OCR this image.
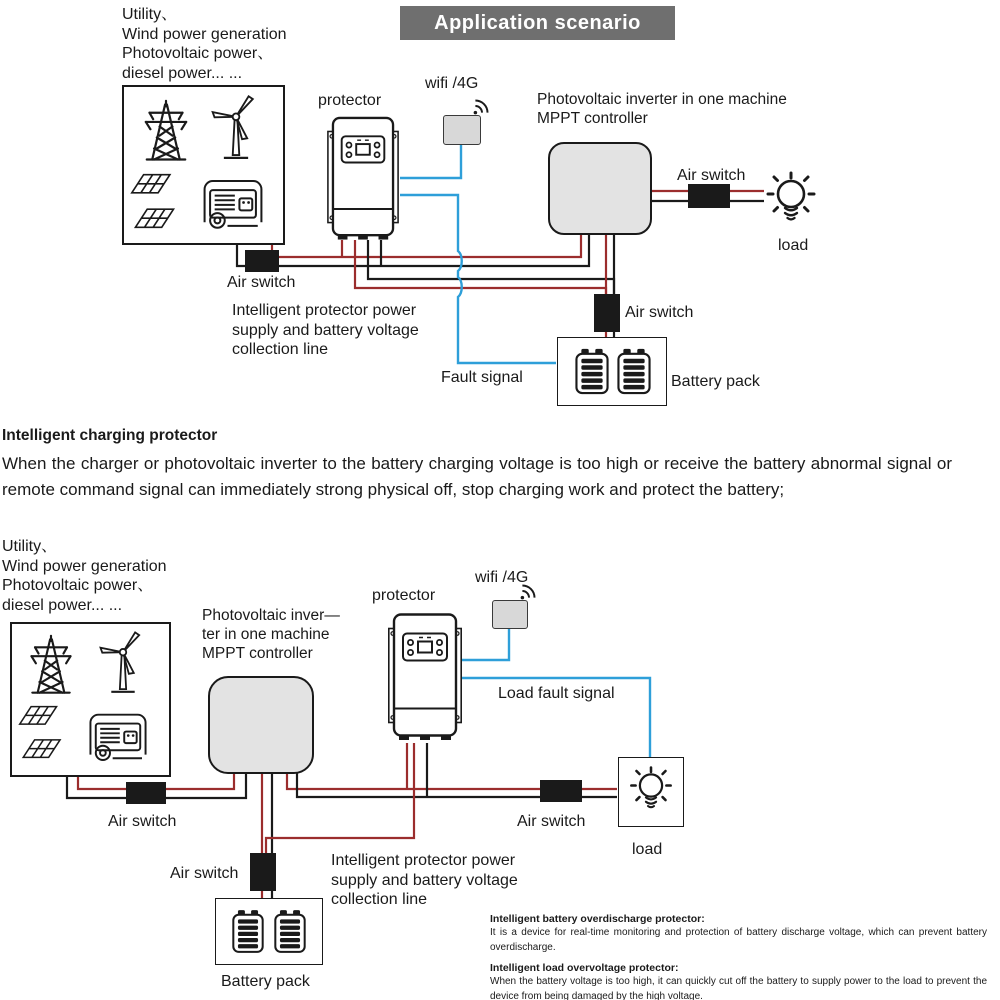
Application scenario
Utility、
Wind power generation
Photovoltaic power、
diesel power... ...
protector
wifi /4G
Photovoltaic inverter in one machine
MPPT controller
Air switch
load
Air switch
Intelligent protector power
supply and battery voltage
collection line
Fault signal
Air switch
Battery pack
Intelligent charging protector
When the charger or photovoltaic inverter to the battery charging voltage is too high or receive the battery abnormal signal or remote command signal can immediately strong physical off, stop charging work and protect the battery;
Utility、
Wind power generation
Photovoltaic power、
diesel power... ...
Photovoltaic inver—
ter in one machine
MPPT controller
protector
wifi /4G
Load fault signal
Air switch	Air switch
load
Air switch
Intelligent protector power
supply and battery voltage
collection line
Battery pack
Intelligent battery overdischarge protector:
It is a device for real-time monitoring and protection of battery discharge voltage, which can prevent battery overdischarge.
Intelligent load overvoltage protector:
When the battery voltage is too high, it can quickly cut off the battery to supply power to the load to prevent the device from being damaged by the high voltage.
